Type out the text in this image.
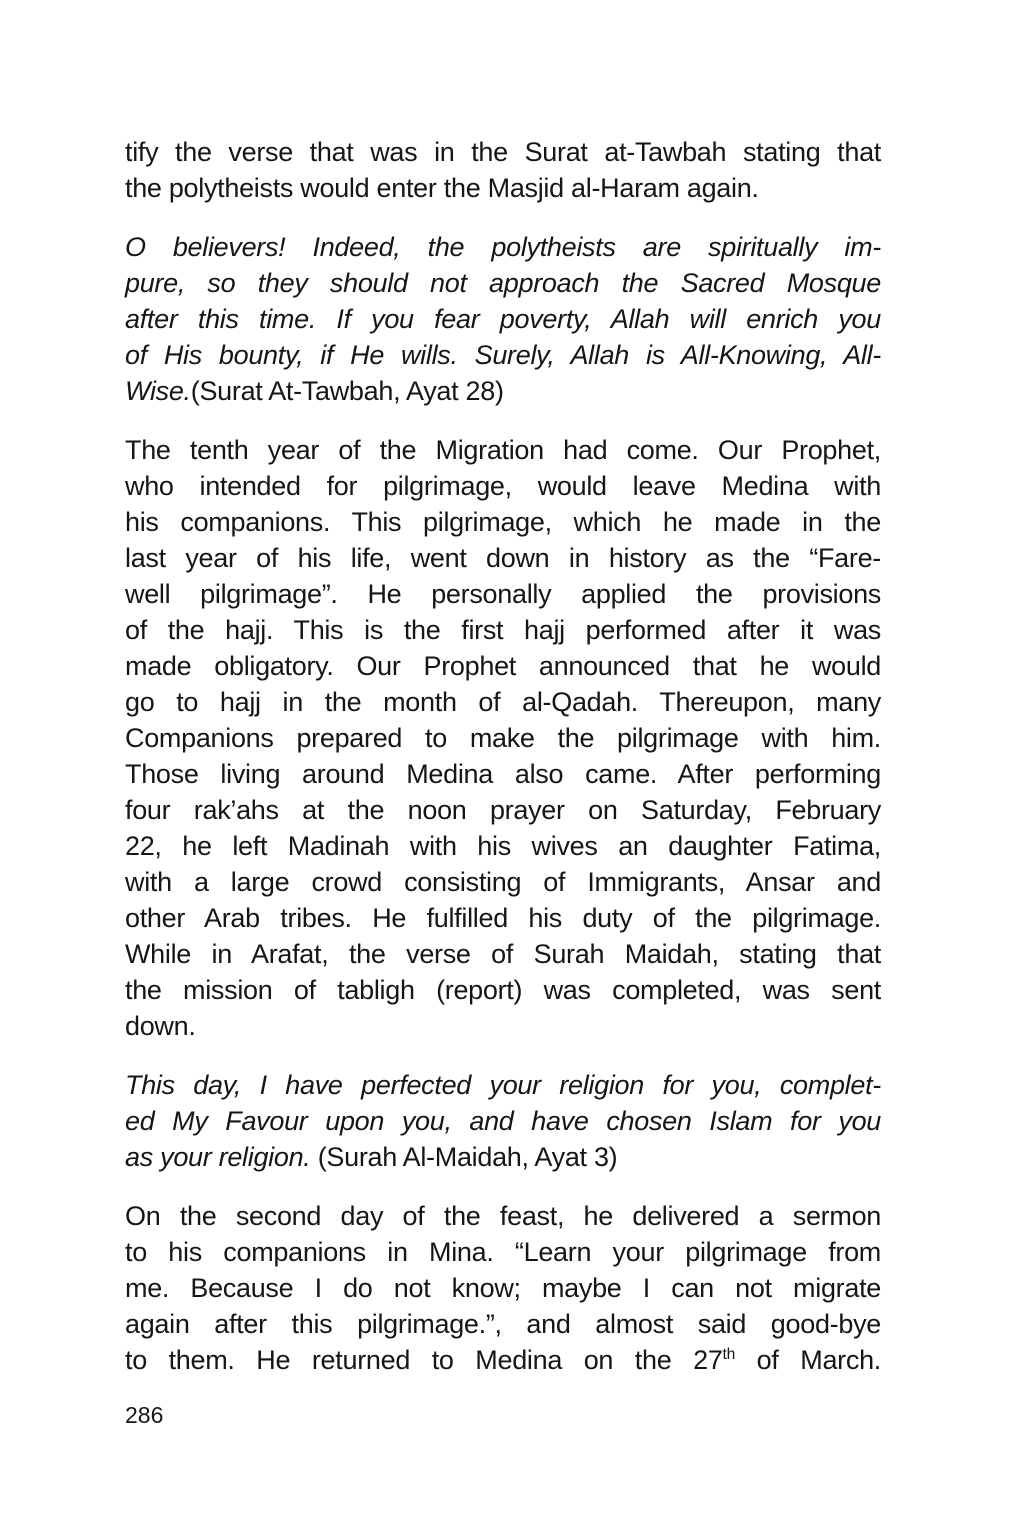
tify the verse that was in the Surat at-Tawbah stating that
the polytheists would enter the Masjid al-Haram again.
O believers! Indeed, the polytheists are spiritually im-
pure, so they should not approach the Sacred Mosque
after this time. If you fear poverty, Allah will enrich you
of His bounty, if He wills. Surely, Allah is All-Knowing, All-
Wise.(Surat At-Tawbah, Ayat 28)
The tenth year of the Migration had come. Our Prophet,
who intended for pilgrimage, would leave Medina with
his companions. This pilgrimage, which he made in the
last year of his life, went down in history as the “Fare-
well pilgrimage”. He personally applied the provisions
of the hajj. This is the first hajj performed after it was
made obligatory. Our Prophet announced that he would
go to hajj in the month of al-Qadah. Thereupon, many
Companions prepared to make the pilgrimage with him.
Those living around Medina also came. After performing
four rak’ahs at the noon prayer on Saturday, February
22, he left Madinah with his wives an daughter Fatima,
with a large crowd consisting of Immigrants, Ansar and
other Arab tribes. He fulfilled his duty of the pilgrimage.
While in Arafat, the verse of Surah Maidah, stating that
the mission of tabligh (report) was completed, was sent
down.
This day, I have perfected your religion for you, complet-
ed My Favour upon you, and have chosen Islam for you
as your religion. (Surah Al-Maidah, Ayat 3)
On the second day of the feast, he delivered a sermon
to his companions in Mina. “Learn your pilgrimage from
me. Because I do not know; maybe I can not migrate
again after this pilgrimage.”, and almost said good-bye
to them. He returned to Medina on the 27th of March.
286
